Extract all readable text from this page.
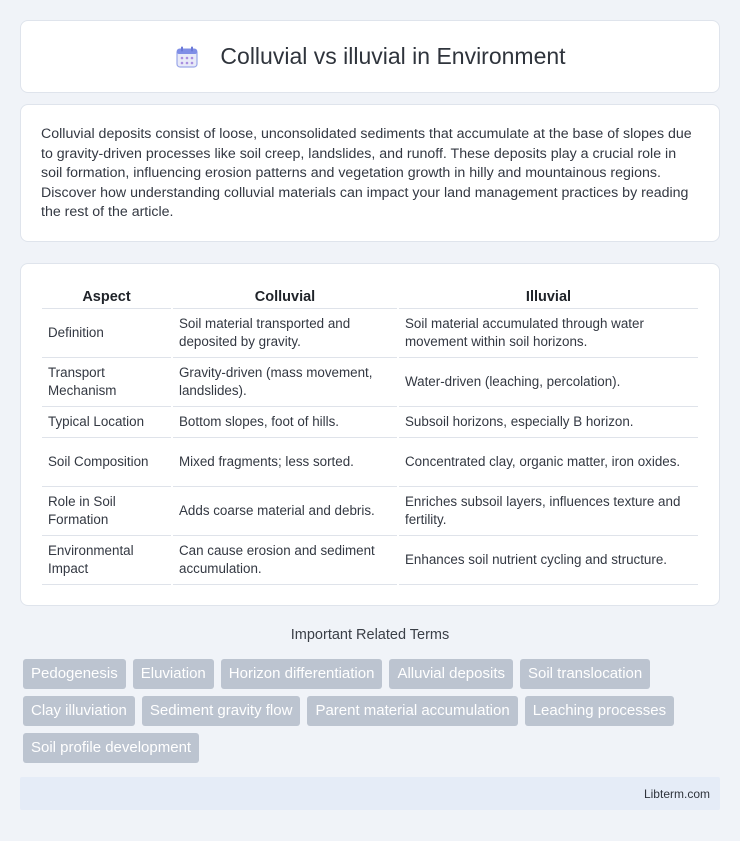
Colluvial vs illuvial in Environment

Colluvial deposits consist of loose, unconsolidated sediments that accumulate at the base of slopes due to gravity-driven processes like soil creep, landslides, and runoff. These deposits play a crucial role in soil formation, influencing erosion patterns and vegetation growth in hilly and mountainous regions. Discover how understanding colluvial materials can impact your land management practices by reading the rest of the article.

Aspect	Colluvial	Illuvial
Definition	Soil material transported and deposited by gravity.	Soil material accumulated through water movement within soil horizons.
Transport Mechanism	Gravity-driven (mass movement, landslides).	Water-driven (leaching, percolation).
Typical Location	Bottom slopes, foot of hills.	Subsoil horizons, especially B horizon.
Soil Composition	Mixed fragments; less sorted.	Concentrated clay, organic matter, iron oxides.
Role in Soil Formation	Adds coarse material and debris.	Enriches subsoil layers, influences texture and fertility.
Environmental Impact	Can cause erosion and sediment accumulation.	Enhances soil nutrient cycling and structure.
Important Related Terms
Pedogenesis	Eluviation	Horizon differentiation	Alluvial deposits	Soil translocation
Clay illuviation	Sediment gravity flow	Parent material accumulation	Leaching processes
Soil profile development
Libterm.com
